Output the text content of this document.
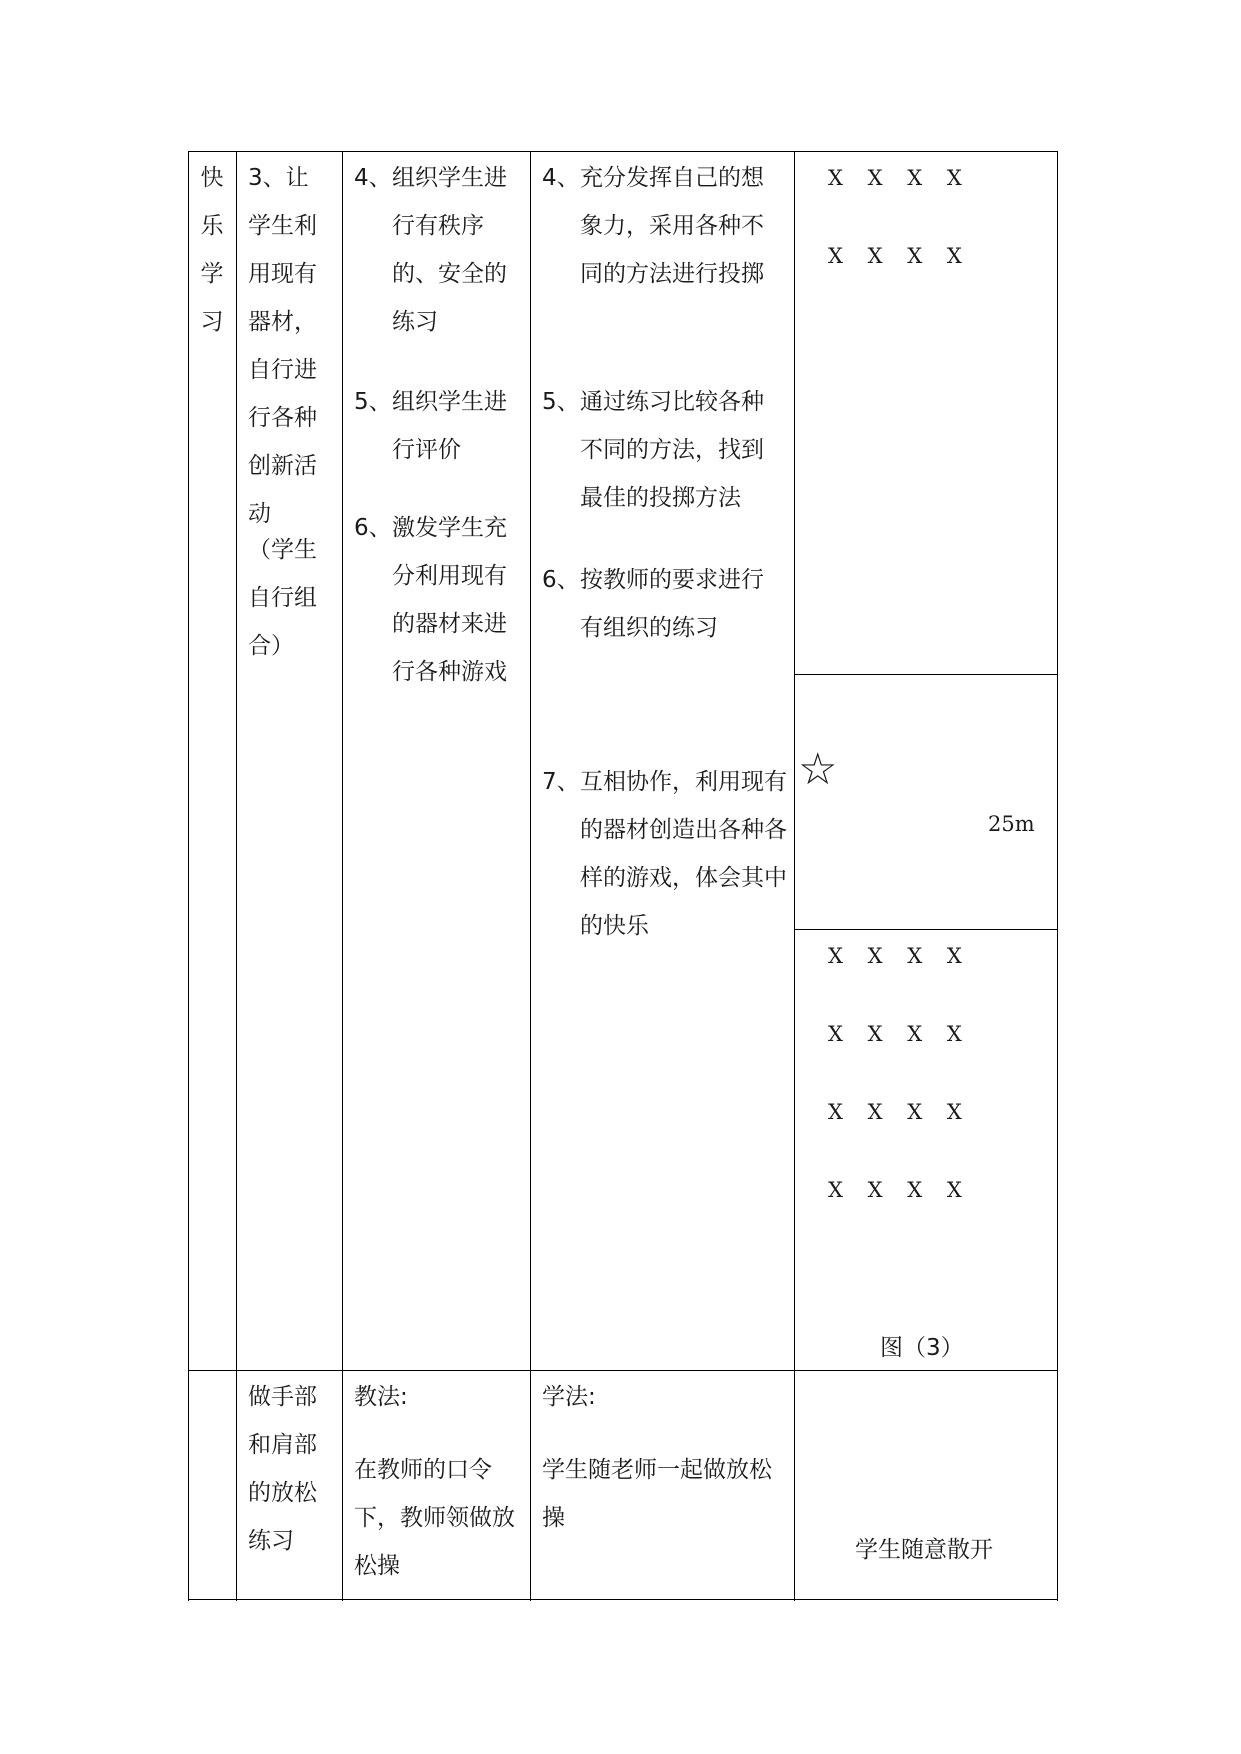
快乐学习
3、让学生利用现有器材，自行进行各种创新活动
（学生自行组合）
4、 组织学生进行有秩序的、安全的练习
5、 组织学生进行评价
6、 激发学生充分利用现有的器材来进行各种游戏
4、 充分发挥自己的想象力，采用各种不同的方法进行投掷
5、 通过练习比较各种不同的方法，找到最佳的投掷方法
6、 按教师的要求进行有组织的练习
7、 互相协作，利用现有的器材创造出各种各样的游戏，体会其中的快乐
X X X X
X X X X
☆
25m
X X X X
X X X X
X X X X
X X X X
图（3）
做手部和肩部的放松练习
教法:
在教师的口令下，教师领做放松操
学法:
学生随老师一起做放松操
学生随意散开
